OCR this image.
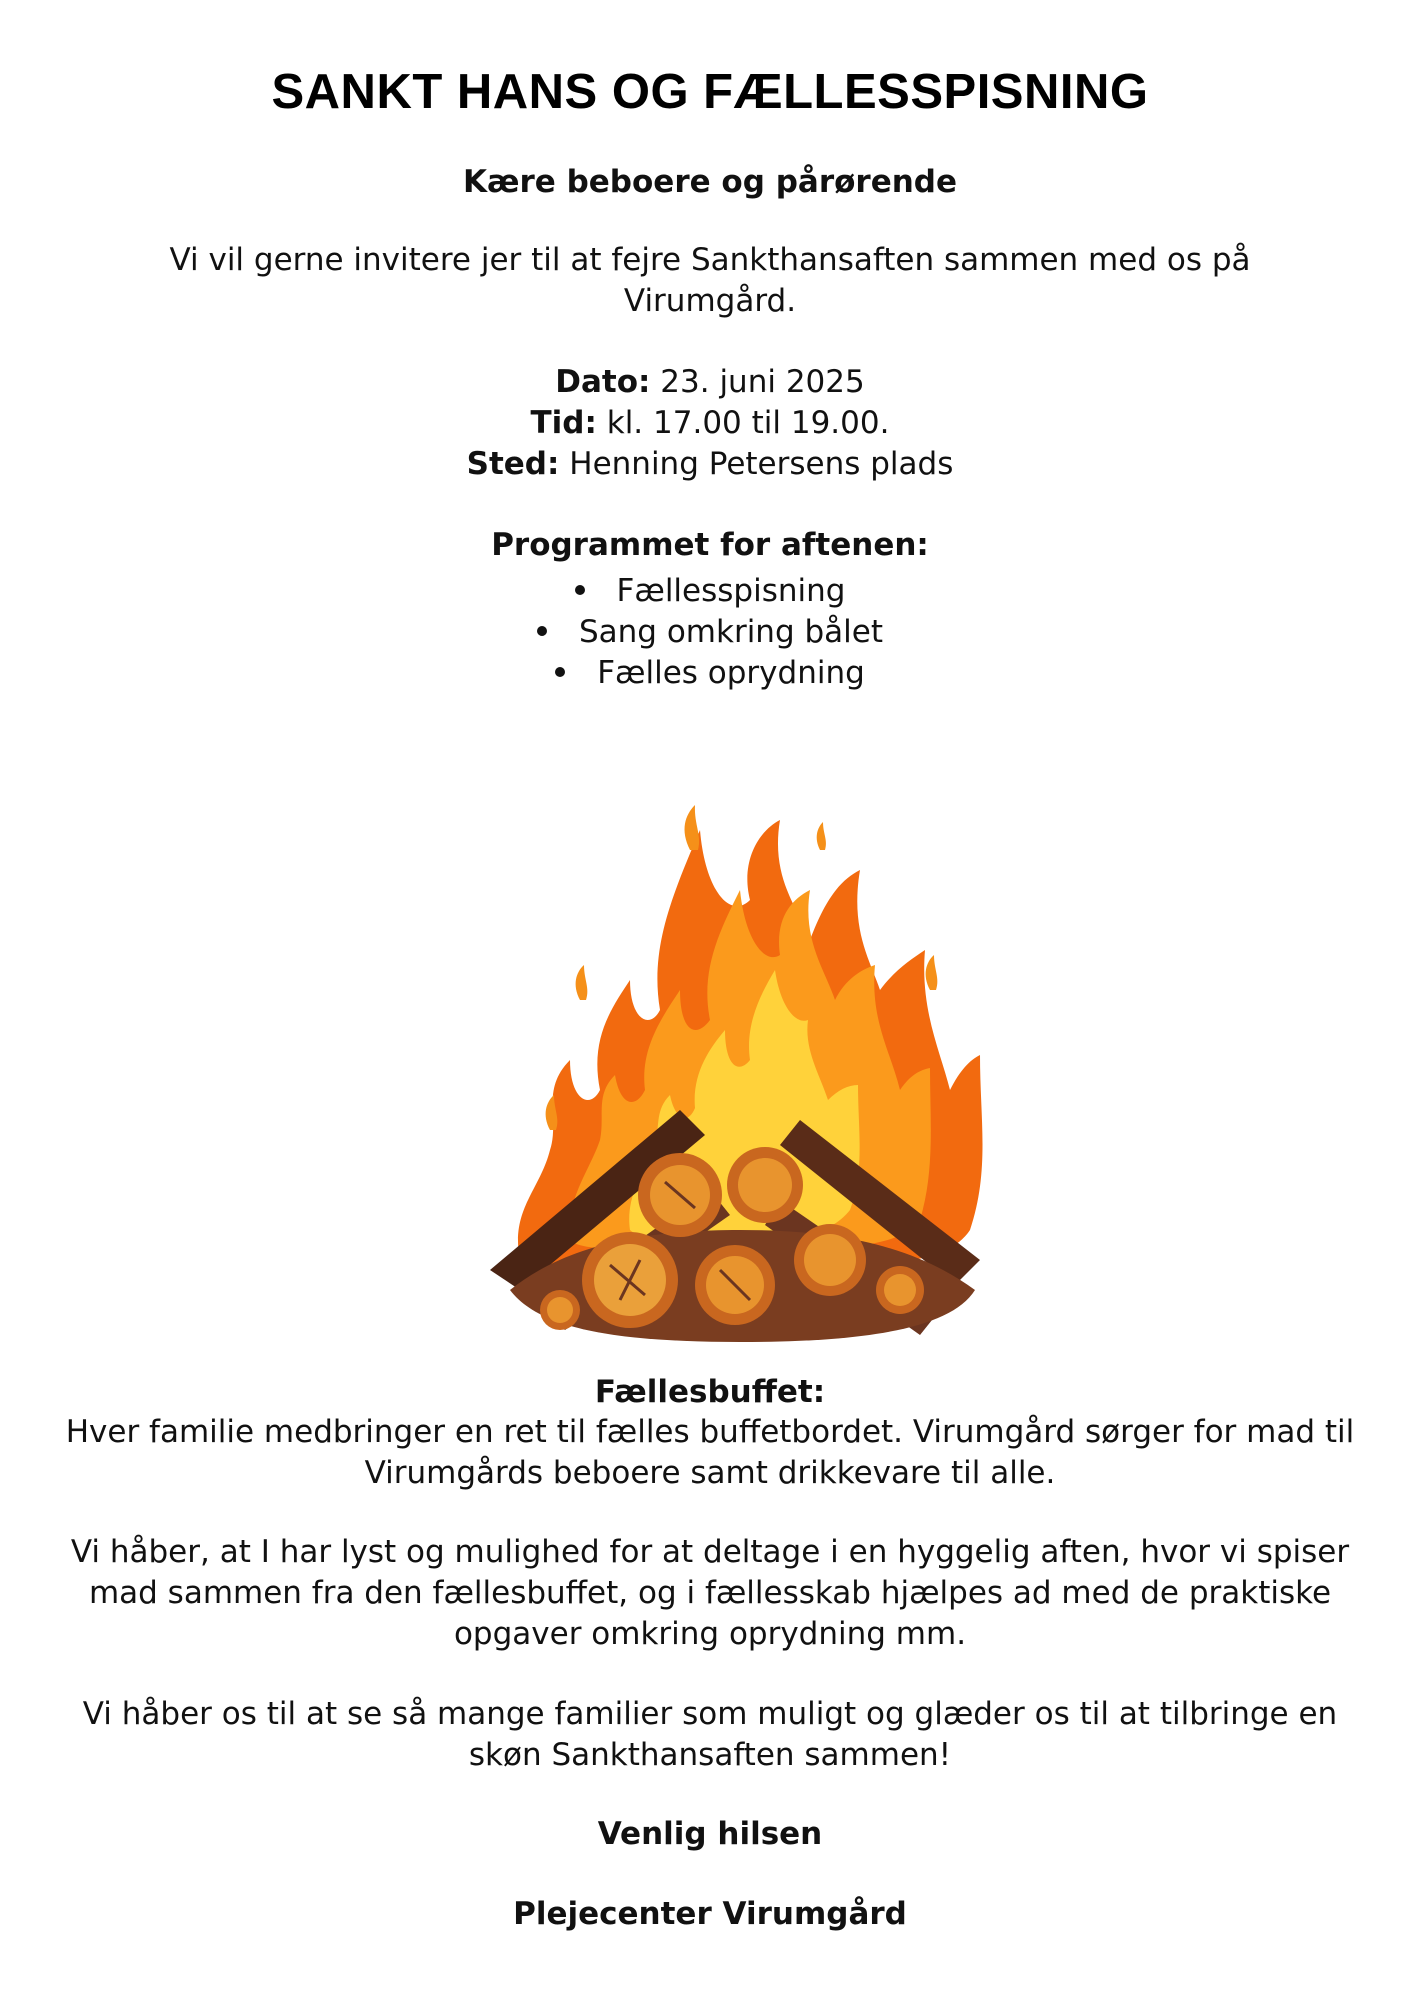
SANKT HANS OG FÆLLESSPISNING
Kære beboere og pårørende
Vi vil gerne invitere jer til at fejre Sankthansaften sammen med os på Virumgård.
Dato: 23. juni 2025
Tid: kl. 17.00 til 19.00.
Sted: Henning Petersens plads
Programmet for aftenen:
Fællesspisning
Sang omkring bålet
Fælles oprydning
Fællesbuffet:
Hver familie medbringer en ret til fælles buffetbordet. Virumgård sørger for mad til Virumgårds beboere samt drikkevare til alle.
Vi håber, at I har lyst og mulighed for at deltage i en hyggelig aften, hvor vi spiser mad sammen fra den fællesbuffet, og i fællesskab hjælpes ad med de praktiske opgaver omkring oprydning mm.
Vi håber os til at se så mange familier som muligt og glæder os til at tilbringe en skøn Sankthansaften sammen!
Venlig hilsen
Plejecenter Virumgård
